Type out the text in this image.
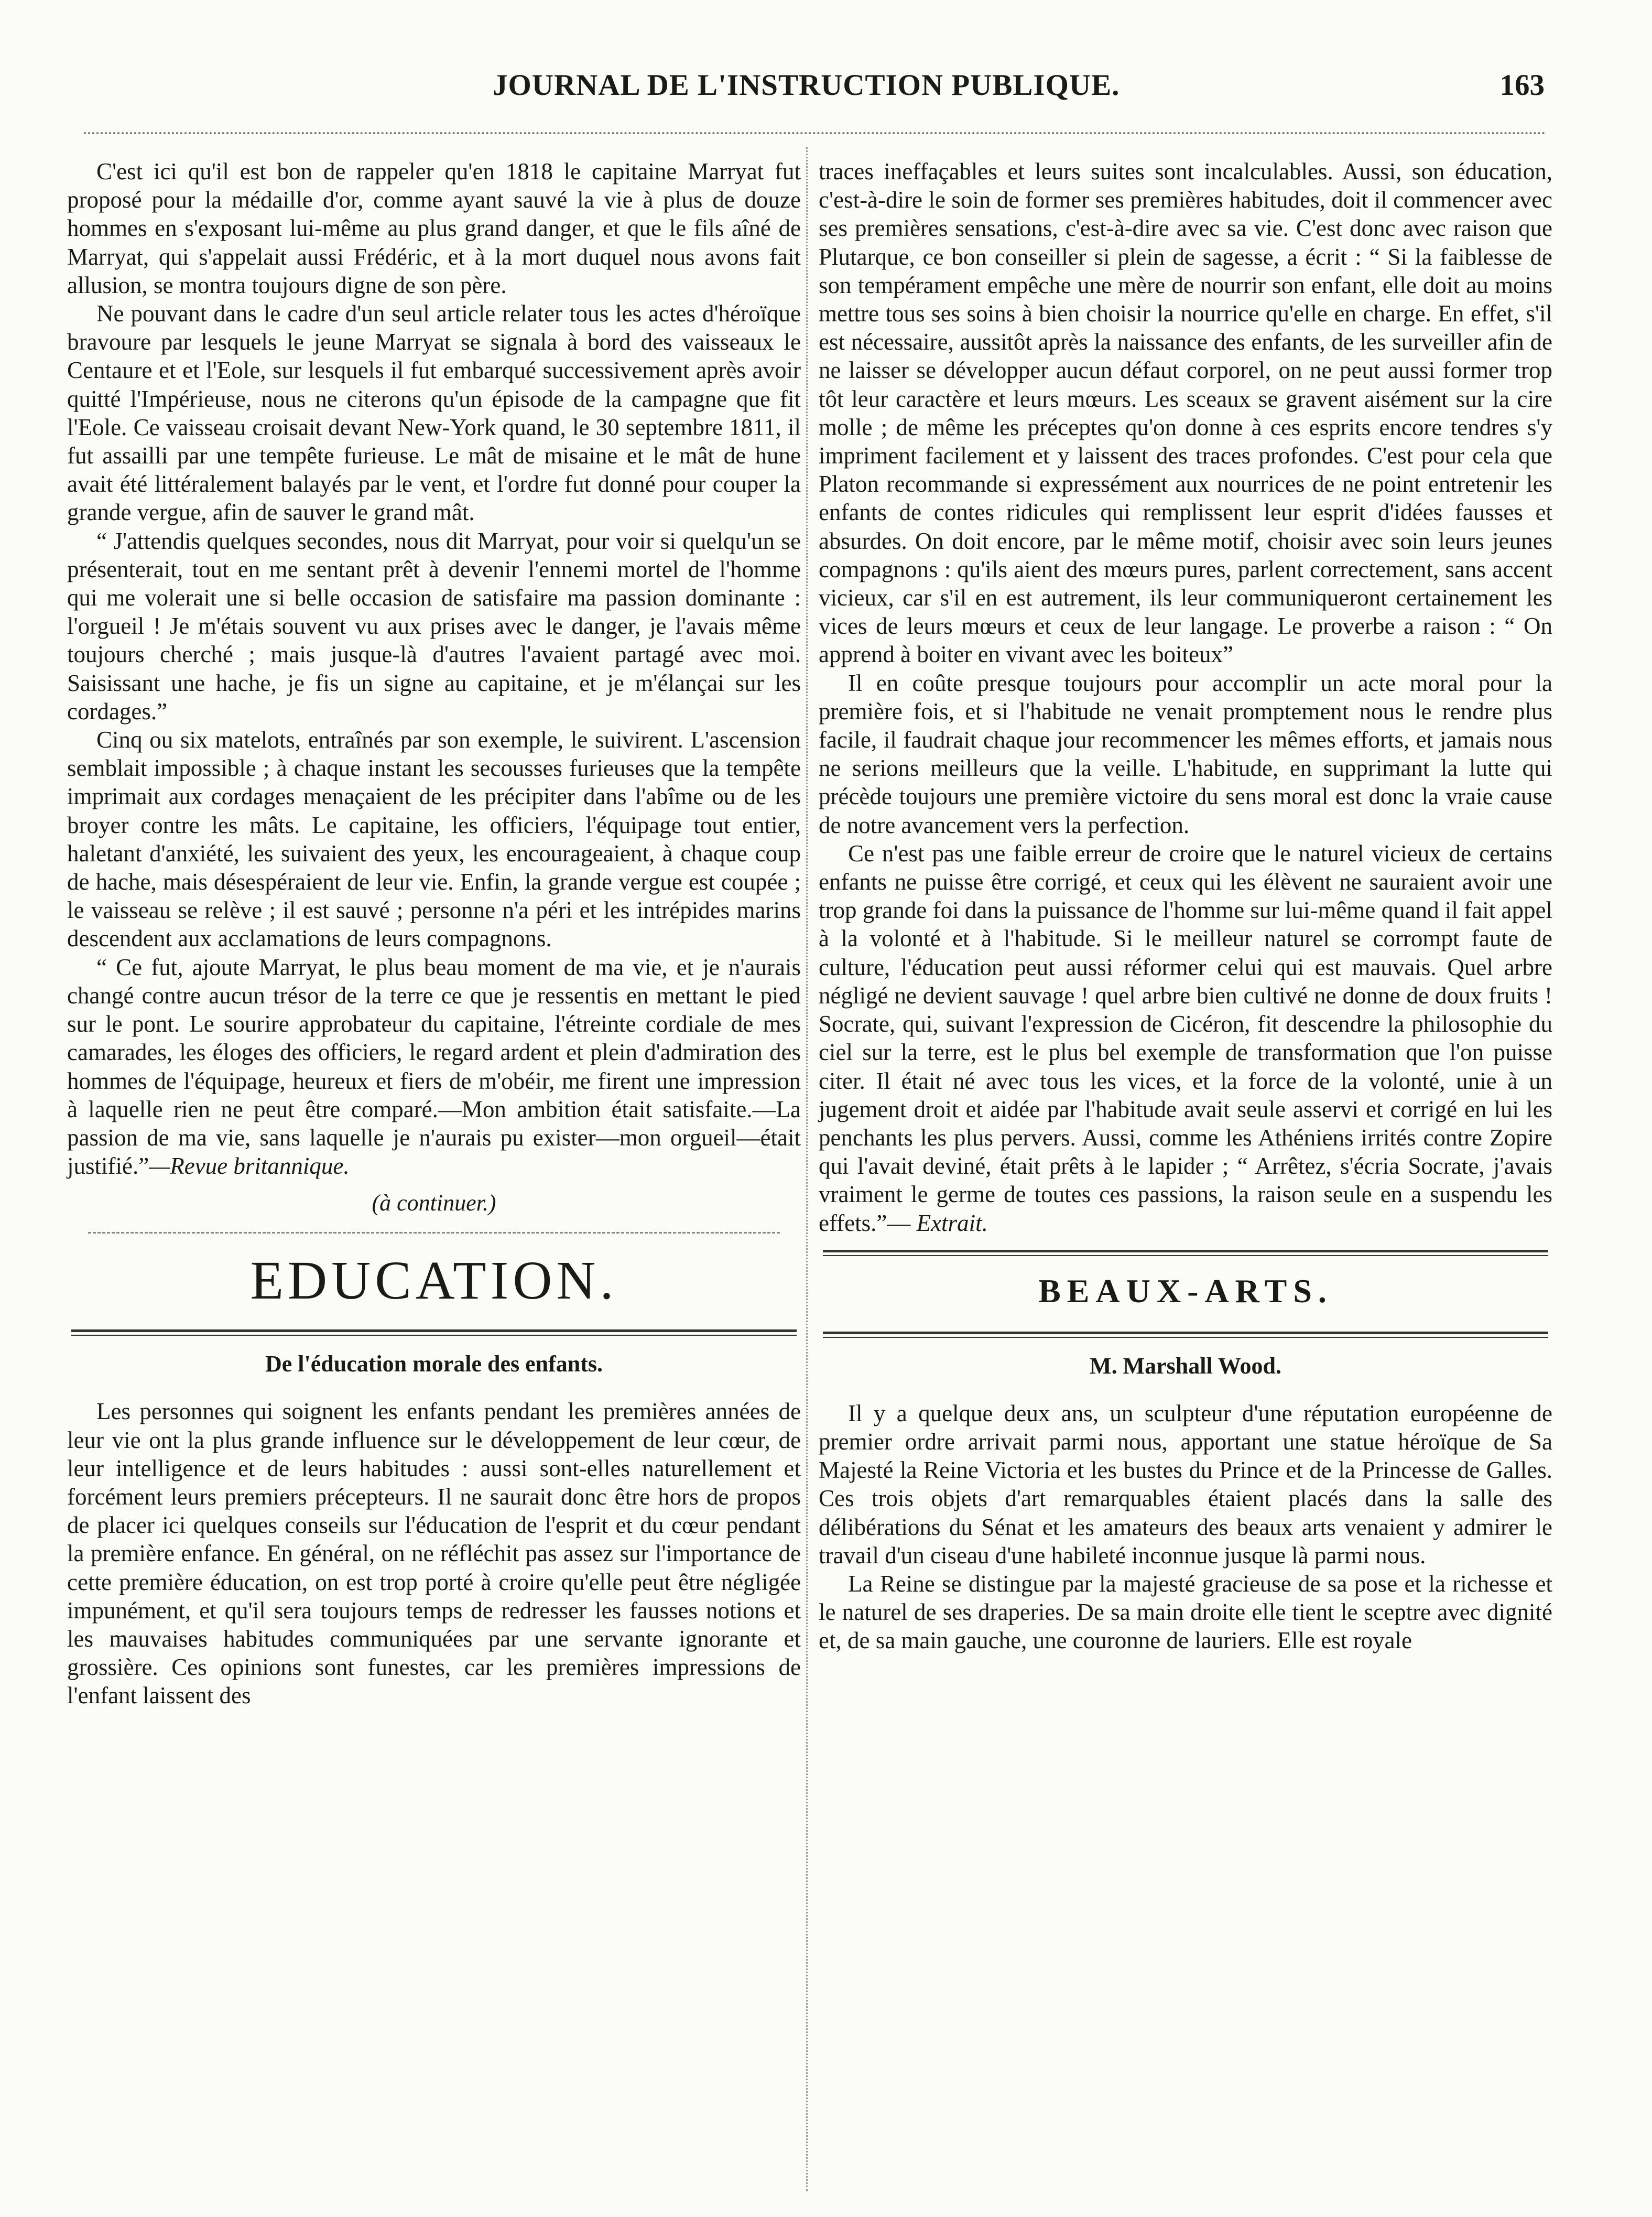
JOURNAL DE L'INSTRUCTION PUBLIQUE.	163

C'est ici qu'il est bon de rappeler qu'en 1818 le capitaine Marryat fut proposé pour la médaille d'or, comme ayant sauvé la vie à plus de douze hommes en s'exposant lui-même au plus grand danger, et que le fils aîné de Marryat, qui s'appelait aussi Frédéric, et à la mort duquel nous avons fait allusion, se montra toujours digne de son père.

Ne pouvant dans le cadre d'un seul article relater tous les actes d'héroïque bravoure par lesquels le jeune Marryat se signala à bord des vaisseaux le Centaure et et l'Eole, sur lesquels il fut embarqué successivement après avoir quitté l'Impérieuse, nous ne citerons qu'un épisode de la campagne que fit l'Eole. Ce vaisseau croisait devant New-York quand, le 30 septembre 1811, il fut assailli par une tempête furieuse. Le mât de misaine et le mât de hune avait été littéralement balayés par le vent, et l'ordre fut donné pour couper la grande vergue, afin de sauver le grand mât.

“ J'attendis quelques secondes, nous dit Marryat, pour voir si quelqu'un se présenterait, tout en me sentant prêt à devenir l'ennemi mortel de l'homme qui me volerait une si belle occasion de satisfaire ma passion dominante : l'orgueil ! Je m'étais souvent vu aux prises avec le danger, je l'avais même toujours cherché ; mais jusque-là d'autres l'avaient partagé avec moi. Saisissant une hache, je fis un signe au capitaine, et je m'élançai sur les cordages.”

Cinq ou six matelots, entraînés par son exemple, le suivirent. L'ascension semblait impossible ; à chaque instant les secousses furieuses que la tempête imprimait aux cordages menaçaient de les précipiter dans l'abîme ou de les broyer contre les mâts. Le capitaine, les officiers, l'équipage tout entier, haletant d'anxiété, les suivaient des yeux, les encourageaient, à chaque coup de hache, mais désespéraient de leur vie. Enfin, la grande vergue est coupée ; le vaisseau se relève ; il est sauvé ; personne n'a péri et les intrépides marins descendent aux acclamations de leurs compagnons.

“ Ce fut, ajoute Marryat, le plus beau moment de ma vie, et je n'aurais changé contre aucun trésor de la terre ce que je ressentis en mettant le pied sur le pont. Le sourire approbateur du capitaine, l'étreinte cordiale de mes camarades, les éloges des officiers, le regard ardent et plein d'admiration des hommes de l'équipage, heureux et fiers de m'obéir, me firent une impression à laquelle rien ne peut être comparé.—Mon ambition était satisfaite.—La passion de ma vie, sans laquelle je n'aurais pu exister—mon orgueil—était justifié.”—Revue britannique.

(à continuer.)
EDUCATION.
De l'éducation morale des enfants.

Les personnes qui soignent les enfants pendant les premières années de leur vie ont la plus grande influence sur le développement de leur cœur, de leur intelligence et de leurs habitudes : aussi sont-elles naturellement et forcément leurs premiers précepteurs. Il ne saurait donc être hors de propos de placer ici quelques conseils sur l'éducation de l'esprit et du cœur pendant la première enfance. En général, on ne réfléchit pas assez sur l'importance de cette première éducation, on est trop porté à croire qu'elle peut être négligée impunément, et qu'il sera toujours temps de redresser les fausses notions et les mauvaises habitudes communiquées par une servante ignorante et grossière. Ces opinions sont funestes, car les premières impressions de l'enfant laissent des

traces ineffaçables et leurs suites sont incalculables. Aussi, son éducation, c'est-à-dire le soin de former ses premières habitudes, doit il commencer avec ses premières sensations, c'est-à-dire avec sa vie. C'est donc avec raison que Plutarque, ce bon conseiller si plein de sagesse, a écrit : “ Si la faiblesse de son tempérament empêche une mère de nourrir son enfant, elle doit au moins mettre tous ses soins à bien choisir la nourrice qu'elle en charge. En effet, s'il est nécessaire, aussitôt après la naissance des enfants, de les surveiller afin de ne laisser se développer aucun défaut corporel, on ne peut aussi former trop tôt leur caractère et leurs mœurs. Les sceaux se gravent aisément sur la cire molle ; de même les préceptes qu'on donne à ces esprits encore tendres s'y impriment facilement et y laissent des traces profondes. C'est pour cela que Platon recommande si expressément aux nourrices de ne point entretenir les enfants de contes ridicules qui remplissent leur esprit d'idées fausses et absurdes. On doit encore, par le même motif, choisir avec soin leurs jeunes compagnons : qu'ils aient des mœurs pures, parlent correctement, sans accent vicieux, car s'il en est autrement, ils leur communiqueront certainement les vices de leurs mœurs et ceux de leur langage. Le proverbe a raison : “ On apprend à boiter en vivant avec les boiteux”

Il en coûte presque toujours pour accomplir un acte moral pour la première fois, et si l'habitude ne venait promptement nous le rendre plus facile, il faudrait chaque jour recommencer les mêmes efforts, et jamais nous ne serions meilleurs que la veille. L'habitude, en supprimant la lutte qui précède toujours une première victoire du sens moral est donc la vraie cause de notre avancement vers la perfection.

Ce n'est pas une faible erreur de croire que le naturel vicieux de certains enfants ne puisse être corrigé, et ceux qui les élèvent ne sauraient avoir une trop grande foi dans la puissance de l'homme sur lui-même quand il fait appel à la volonté et à l'habitude. Si le meilleur naturel se corrompt faute de culture, l'éducation peut aussi réformer celui qui est mauvais. Quel arbre négligé ne devient sauvage ! quel arbre bien cultivé ne donne de doux fruits ! Socrate, qui, suivant l'expression de Cicéron, fit descendre la philosophie du ciel sur la terre, est le plus bel exemple de transformation que l'on puisse citer. Il était né avec tous les vices, et la force de la volonté, unie à un jugement droit et aidée par l'habitude avait seule asservi et corrigé en lui les penchants les plus pervers. Aussi, comme les Athéniens irrités contre Zopire qui l'avait deviné, était prêts à le lapider ; “ Arrêtez, s'écria Socrate, j'avais vraiment le germe de toutes ces passions, la raison seule en a suspendu les effets.”— Extrait.

BEAUX-ARTS.
M. Marshall Wood.

Il y a quelque deux ans, un sculpteur d'une réputation européenne de premier ordre arrivait parmi nous, apportant une statue héroïque de Sa Majesté la Reine Victoria et les bustes du Prince et de la Princesse de Galles. Ces trois objets d'art remarquables étaient placés dans la salle des délibérations du Sénat et les amateurs des beaux arts venaient y admirer le travail d'un ciseau d'une habileté inconnue jusque là parmi nous.

La Reine se distingue par la majesté gracieuse de sa pose et la richesse et le naturel de ses draperies. De sa main droite elle tient le sceptre avec dignité et, de sa main gauche, une couronne de lauriers. Elle est royale
